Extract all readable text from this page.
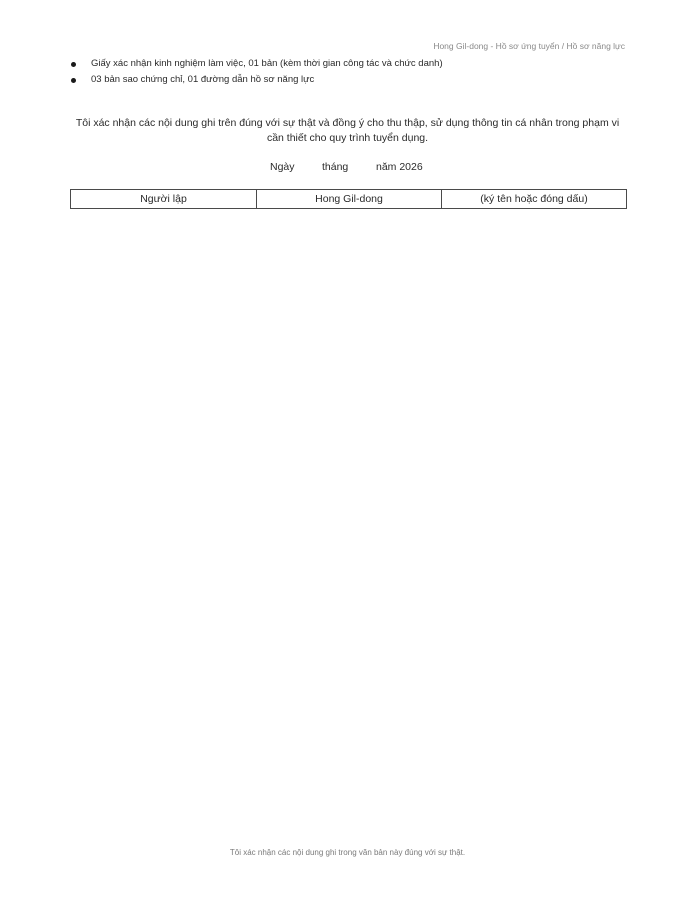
Hong Gil-dong - Hồ sơ ứng tuyển / Hồ sơ năng lực
Giấy xác nhận kinh nghiệm làm việc, 01 bản (kèm thời gian công tác và chức danh)
03 bản sao chứng chỉ, 01 đường dẫn hồ sơ năng lực
Tôi xác nhận các nội dung ghi trên đúng với sự thật và đồng ý cho thu thập, sử dụng thông tin cá nhân trong phạm vi cần thiết cho quy trình tuyển dụng.
Ngày	tháng	năm 2026
Người lập	Hong Gil-dong	(ký tên hoặc đóng dấu)
Tôi xác nhận các nội dung ghi trong văn bản này đúng với sự thật.
